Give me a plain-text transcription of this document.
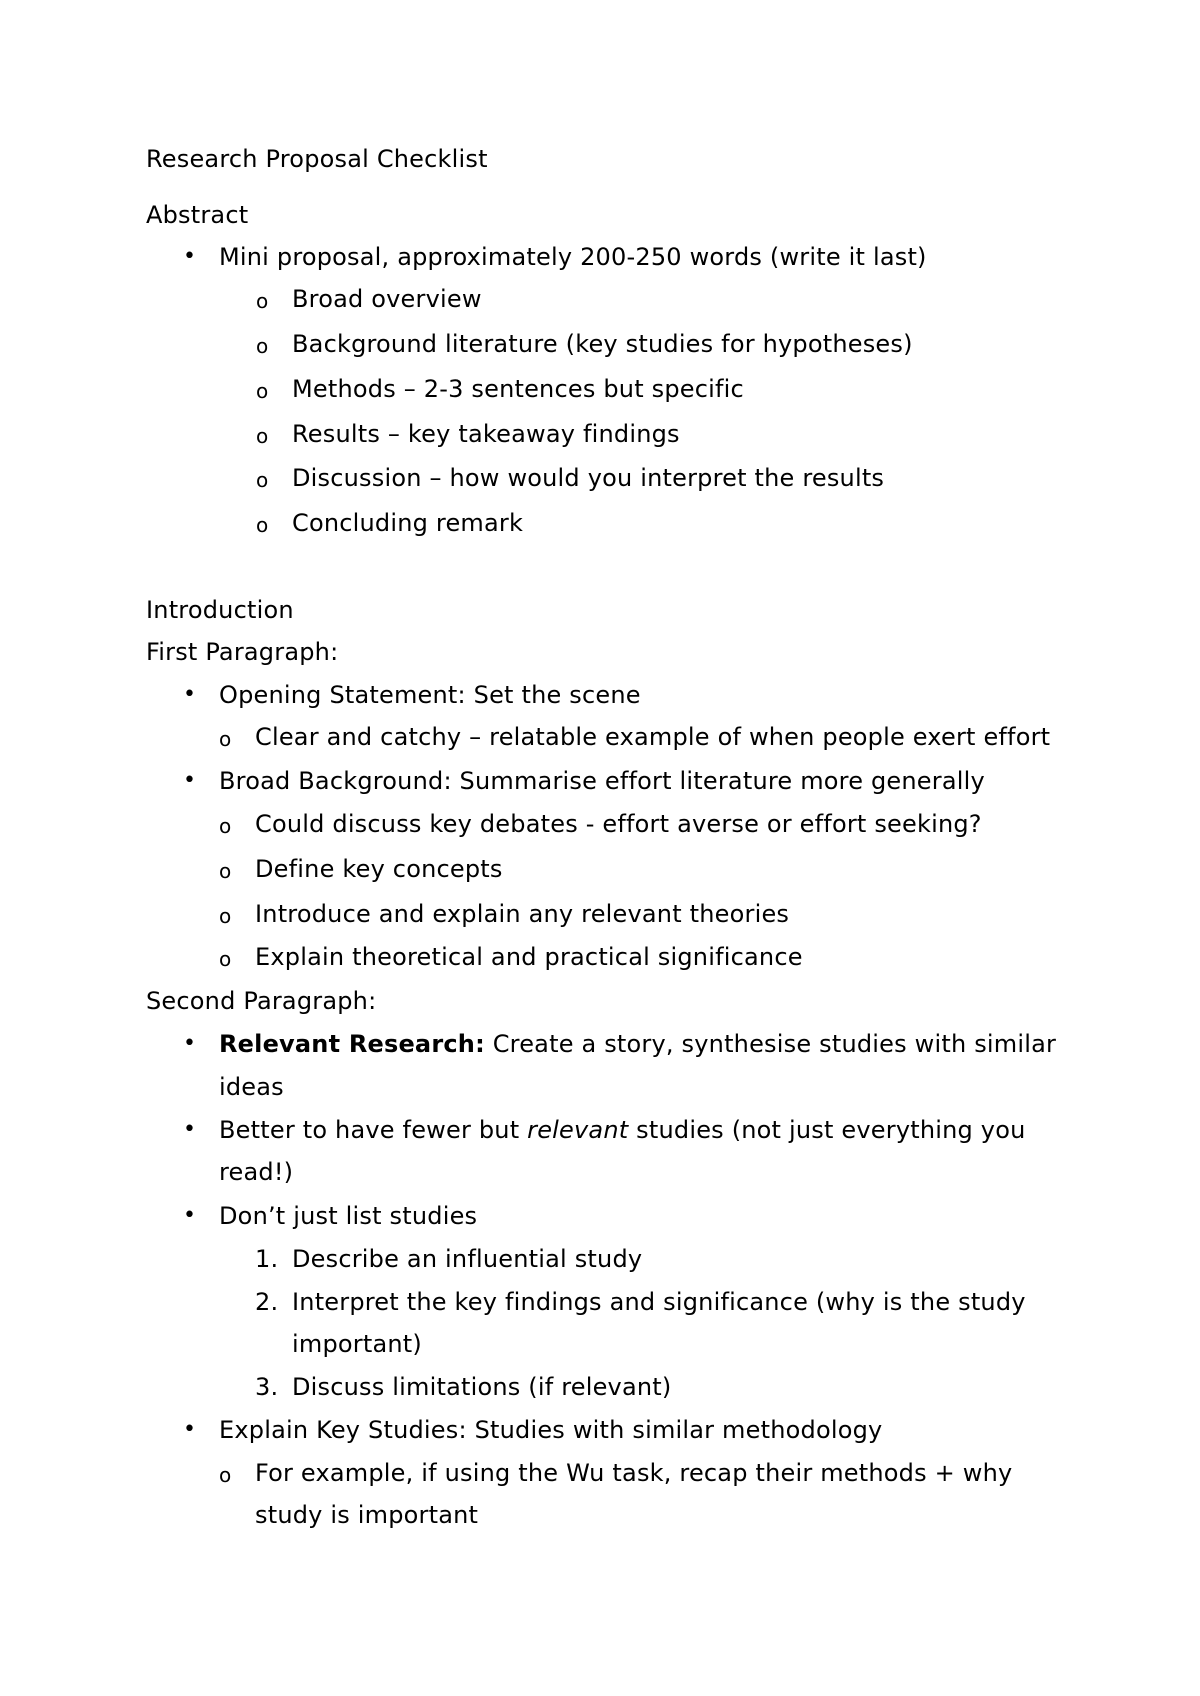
Research Proposal Checklist
Abstract
• Mini proposal, approximately 200-250 words (write it last)
o Broad overview
o Background literature (key studies for hypotheses)
o Methods – 2-3 sentences but specific
o Results – key takeaway findings
o Discussion – how would you interpret the results
o Concluding remark
Introduction
First Paragraph:
• Opening Statement: Set the scene
o Clear and catchy – relatable example of when people exert effort
• Broad Background: Summarise effort literature more generally
o Could discuss key debates - effort averse or effort seeking?
o Define key concepts
o Introduce and explain any relevant theories
o Explain theoretical and practical significance
Second Paragraph:
• Relevant Research: Create a story, synthesise studies with similar
ideas
• Better to have fewer but relevant studies (not just everything you
read!)
• Don’t just list studies
1. Describe an influential study
2. Interpret the key findings and significance (why is the study
important)
3. Discuss limitations (if relevant)
• Explain Key Studies: Studies with similar methodology
o For example, if using the Wu task, recap their methods + why
study is important
